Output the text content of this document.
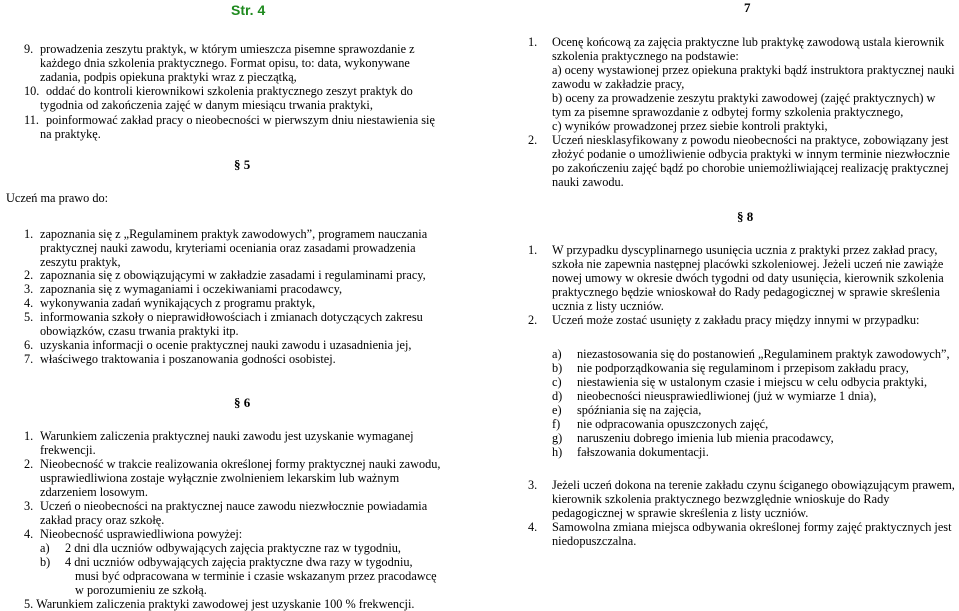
Str. 4	7
9. prowadzenia zeszytu praktyk, w którym umieszcza pisemne sprawozdanie z
każdego dnia szkolenia praktycznego. Format opisu, to: data, wykonywane
zadania, podpis opiekuna praktyki wraz z pieczątką,
10. oddać do kontroli kierownikowi szkolenia praktycznego zeszyt praktyk do
tygodnia od zakończenia zajęć w danym miesiącu trwania praktyki,
11. poinformować zakład pracy o nieobecności w pierwszym dniu niestawienia się
na praktykę.
§ 5
Uczeń ma prawo do:
1. zapoznania się z „Regulaminem praktyk zawodowych”, programem nauczania
praktycznej nauki zawodu, kryteriami oceniania oraz zasadami prowadzenia
zeszytu praktyk,
2. zapoznania się z obowiązującymi w zakładzie zasadami i regulaminami pracy,
3. zapoznania się z wymaganiami i oczekiwaniami pracodawcy,
4. wykonywania zadań wynikających z programu praktyk,
5. informowania szkoły o nieprawidłowościach i zmianach dotyczących zakresu
obowiązków, czasu trwania praktyki itp.
6. uzyskania informacji o ocenie praktycznej nauki zawodu i uzasadnienia jej,
7. właściwego traktowania i poszanowania godności osobistej.
§ 6
1. Warunkiem zaliczenia praktycznej nauki zawodu jest uzyskanie wymaganej
frekwencji.
2. Nieobecność w trakcie realizowania określonej formy praktycznej nauki zawodu,
usprawiedliwiona zostaje wyłącznie zwolnieniem lekarskim lub ważnym
zdarzeniem losowym.
3. Uczeń o nieobecności na praktycznej nauce zawodu niezwłocznie powiadamia
zakład pracy oraz szkołę.
4. Nieobecność usprawiedliwiona powyżej:
a) 2 dni dla uczniów odbywających zajęcia praktyczne raz w tygodniu,
b) 4 dni uczniów odbywających zajęcia praktyczne dwa razy w tygodniu,
musi być odpracowana w terminie i czasie wskazanym przez pracodawcę
w porozumieniu ze szkołą.
5. Warunkiem zaliczenia praktyki zawodowej jest uzyskanie 100 % frekwencji.
1. Ocenę końcową za zajęcia praktyczne lub praktykę zawodową ustala kierownik
szkolenia praktycznego na podstawie:
a) oceny wystawionej przez opiekuna praktyki bądź instruktora praktycznej nauki
zawodu w zakładzie pracy,
b) oceny za prowadzenie zeszytu praktyki zawodowej (zajęć praktycznych) w
tym za pisemne sprawozdanie z odbytej formy szkolenia praktycznego,
c) wyników prowadzonej przez siebie kontroli praktyki,
2. Uczeń niesklasyfikowany z powodu nieobecności na praktyce, zobowiązany jest
złożyć podanie o umożliwienie odbycia praktyki w innym terminie niezwłocznie
po zakończeniu zajęć bądź po chorobie uniemożliwiającej realizację praktycznej
nauki zawodu.
§ 8
1. W przypadku dyscyplinarnego usunięcia ucznia z praktyki przez zakład pracy,
szkoła nie zapewnia następnej placówki szkoleniowej. Jeżeli uczeń nie zawiąże
nowej umowy w okresie dwóch tygodni od daty usunięcia, kierownik szkolenia
praktycznego będzie wnioskował do Rady pedagogicznej w sprawie skreślenia
ucznia z listy uczniów.
2. Uczeń może zostać usunięty z zakładu pracy między innymi w przypadku:
a) niezastosowania się do postanowień „Regulaminem praktyk zawodowych”,
b) nie podporządkowania się regulaminom i przepisom zakładu pracy,
c) niestawienia się w ustalonym czasie i miejscu w celu odbycia praktyki,
d) nieobecności nieusprawiedliwionej (już w wymiarze 1 dnia),
e) spóźniania się na zajęcia,
f) nie odpracowania opuszczonych zajęć,
g) naruszeniu dobrego imienia lub mienia pracodawcy,
h) fałszowania dokumentacji.
3. Jeżeli uczeń dokona na terenie zakładu czynu ściganego obowiązującym prawem,
kierownik szkolenia praktycznego bezwzględnie wnioskuje do Rady
pedagogicznej w sprawie skreślenia z listy uczniów.
4. Samowolna zmiana miejsca odbywania określonej formy zajęć praktycznych jest
niedopuszczalna.
